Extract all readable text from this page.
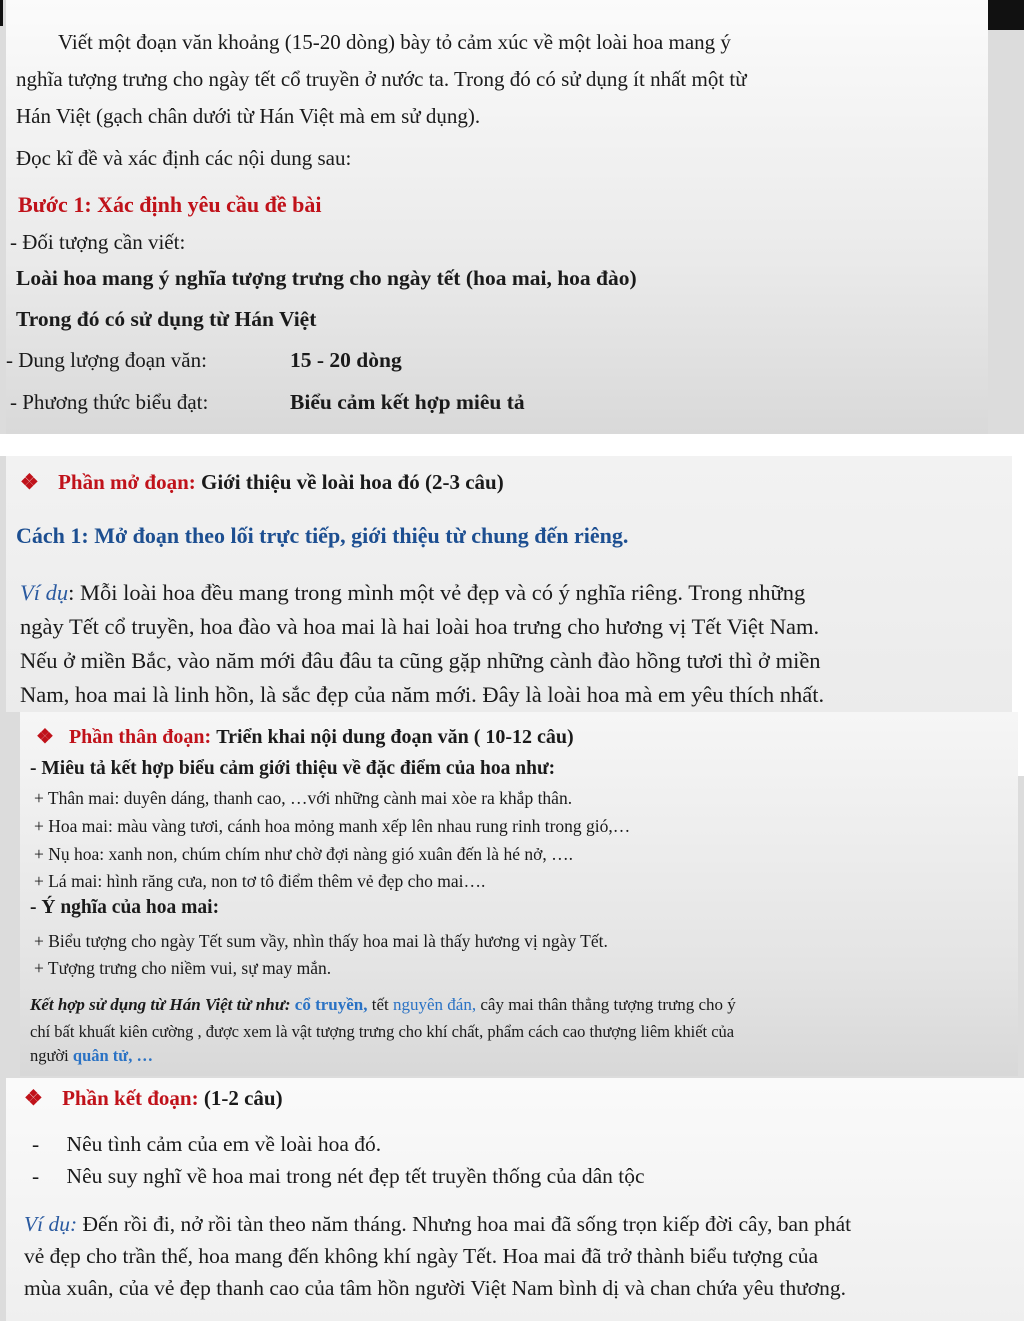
Viết một đoạn văn khoảng (15-20 dòng) bày tỏ cảm xúc về một loài hoa mang ý
nghĩa tượng trưng cho ngày tết cổ truyền ở nước ta. Trong đó có sử dụng ít nhất một từ
Hán Việt (gạch chân dưới từ Hán Việt mà em sử dụng).
Đọc kĩ đề và xác định các nội dung sau:
Bước 1: Xác định yêu cầu đề bài
- Đối tượng cần viết:
Loài hoa mang ý nghĩa tượng trưng cho ngày tết (hoa mai, hoa đào)
Trong đó có sử dụng từ Hán Việt
- Dung lượng đoạn văn:	15 - 20 dòng
- Phương thức biểu đạt:	Biểu cảm kết hợp miêu tả
❖ Phần mở đoạn: Giới thiệu về loài hoa đó (2-3 câu)
Cách 1: Mở đoạn theo lối trực tiếp, giới thiệu từ chung đến riêng.
Ví dụ: Mỗi loài hoa đều mang trong mình một vẻ đẹp và có ý nghĩa riêng. Trong những
ngày Tết cổ truyền, hoa đào và hoa mai là hai loài hoa trưng cho hương vị Tết Việt Nam.
Nếu ở miền Bắc, vào năm mới đâu đâu ta cũng gặp những cành đào hồng tươi thì ở miền
Nam, hoa mai là linh hồn, là sắc đẹp của năm mới. Đây là loài hoa mà em yêu thích nhất.
❖ Phần thân đoạn: Triển khai nội dung đoạn văn ( 10-12 câu)
- Miêu tả kết hợp biểu cảm giới thiệu về đặc điểm của hoa như:
+ Thân mai: duyên dáng, thanh cao, …với những cành mai xòe ra khắp thân.
+ Hoa mai: màu vàng tươi, cánh hoa mỏng manh xếp lên nhau rung rinh trong gió,…
+ Nụ hoa: xanh non, chúm chím như chờ đợi nàng gió xuân đến là hé nở, ….
+ Lá mai: hình răng cưa, non tơ tô điểm thêm vẻ đẹp cho mai….
- Ý nghĩa của hoa mai:
+ Biểu tượng cho ngày Tết sum vầy, nhìn thấy hoa mai là thấy hương vị ngày Tết.
+ Tượng trưng cho niềm vui, sự may mắn.
Kết hợp sử dụng từ Hán Việt từ như: cổ truyền, tết nguyên đán, cây mai thân thẳng tượng trưng cho ý
chí bất khuất kiên cường , được xem là vật tượng trưng cho khí chất, phẩm cách cao thượng liêm khiết của
người quân tử, …
❖ Phần kết đoạn: (1-2 câu)
- Nêu tình cảm của em về loài hoa đó.
- Nêu suy nghĩ về hoa mai trong nét đẹp tết truyền thống của dân tộc
Ví dụ: Đến rồi đi, nở rồi tàn theo năm tháng. Nhưng hoa mai đã sống trọn kiếp đời cây, ban phát
vẻ đẹp cho trần thế, hoa mang đến không khí ngày Tết. Hoa mai đã trở thành biểu tượng của
mùa xuân, của vẻ đẹp thanh cao của tâm hồn người Việt Nam bình dị và chan chứa yêu thương.
